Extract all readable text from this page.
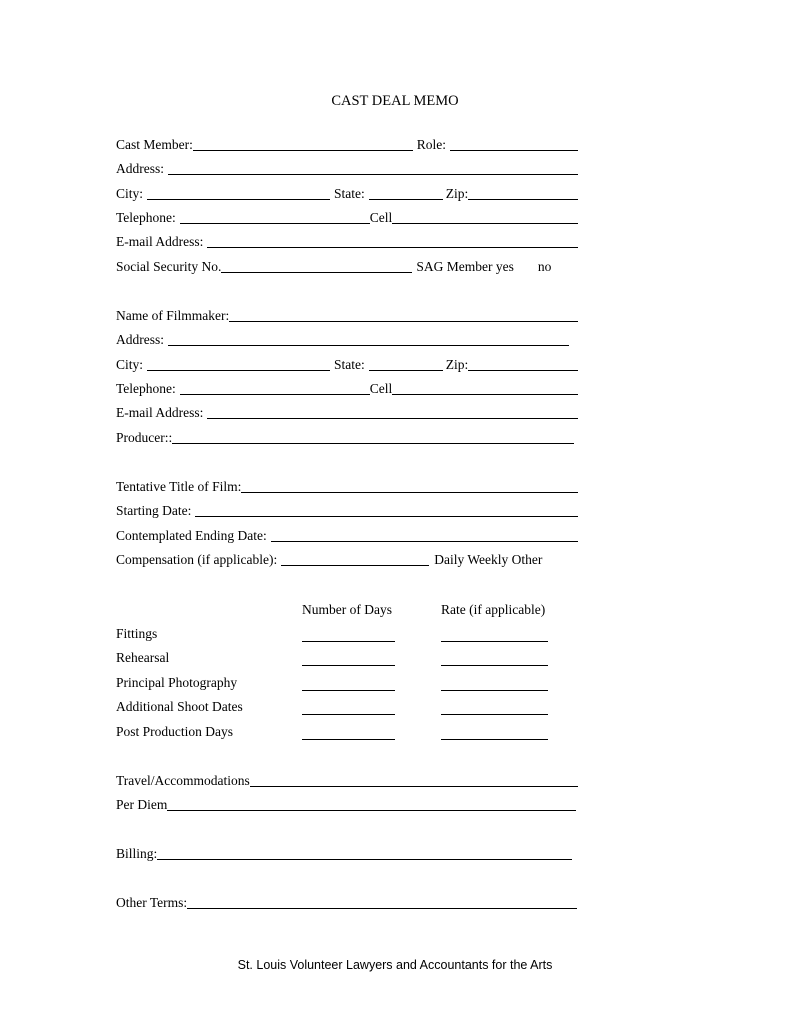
CAST DEAL MEMO
Cast Member:	Role:
Address:
City:	State:	Zip:
Telephone:	Cell
E-mail Address:
Social Security No.	SAG Member yes no
Name of Filmmaker:
Address:
City:	State:	Zip:
Telephone:	Cell
E-mail Address:
Producer::
Tentative Title of Film:
Starting Date:
Contemplated Ending Date:
Compensation (if applicable):	Daily Weekly Other
Number of Days	Rate (if applicable)
Fittings
Rehearsal
Principal Photography
Additional Shoot Dates
Post Production Days
Travel/Accommodations
Per Diem
Billing:
Other Terms:
St. Louis Volunteer Lawyers and Accountants for the Arts
